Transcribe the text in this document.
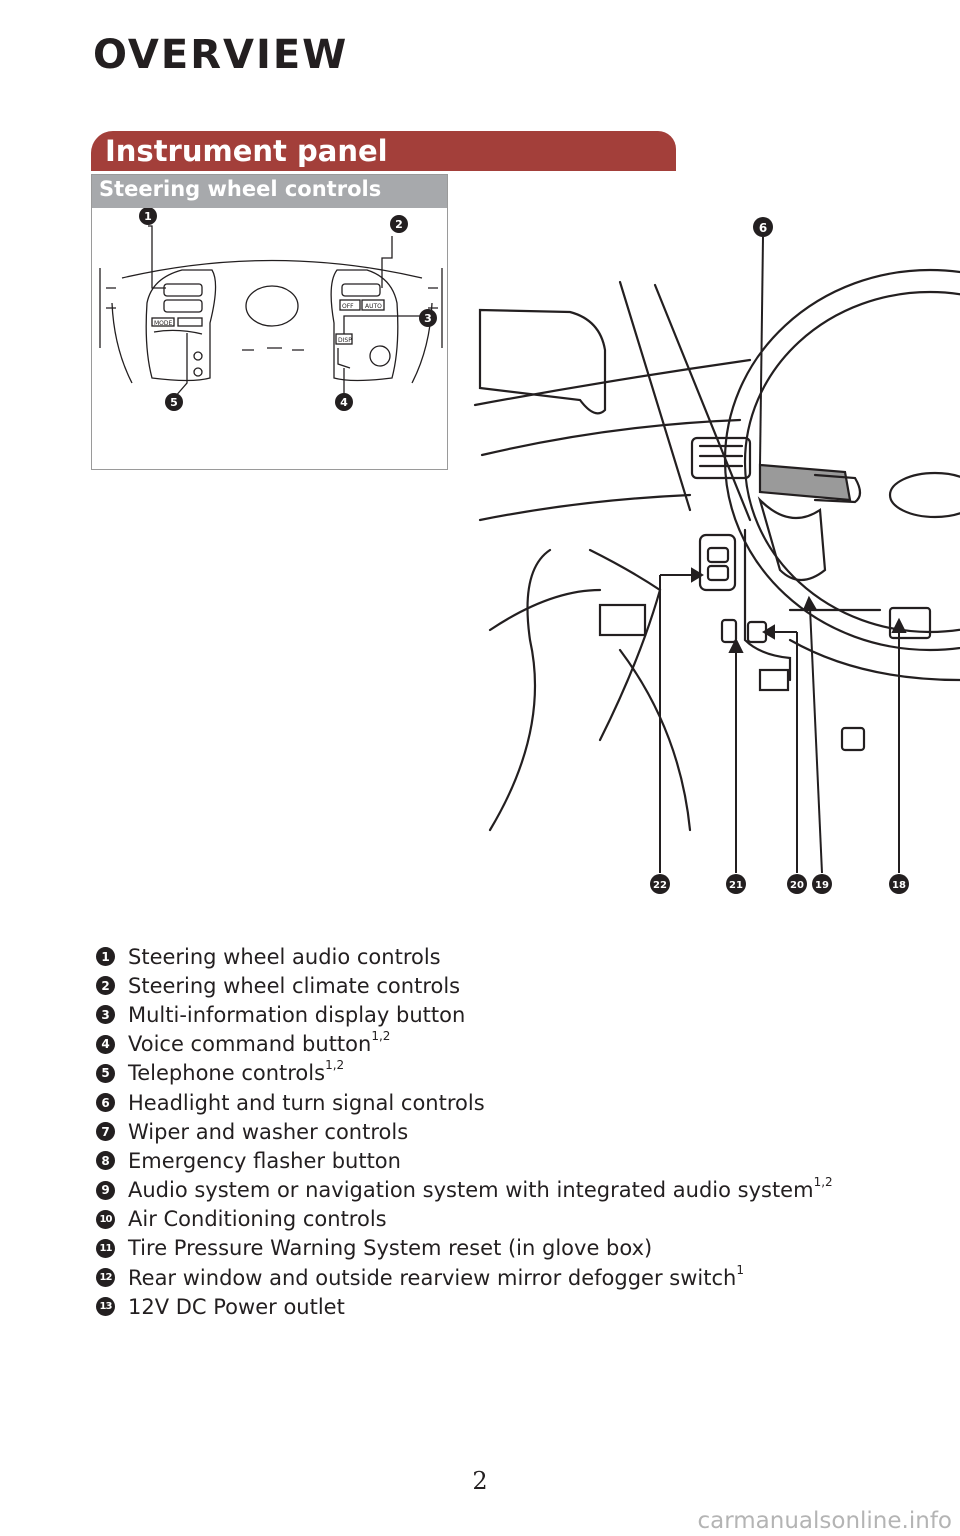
OVERVIEW
Instrument panel
Steering wheel controls
MODE
OFF AUTO
DISP
1
2
3
4
5
6
22	21	20 19	18
1 Steering wheel audio controls
2 Steering wheel climate controls
3 Multi-information display button
4 Voice command button$^{1,2}$
5 Telephone controls$^{1,2}$
6 Headlight and turn signal controls
7 Wiper and washer controls
8 Emergency flasher button
9 Audio system or navigation system with integrated audio system$^{1,2}$
10 Air Conditioning controls
11 Tire Pressure Warning System reset (in glove box)
12 Rear window and outside rearview mirror defogger switch$^1$
13 12V DC Power outlet
2
carmanualsonline.info
